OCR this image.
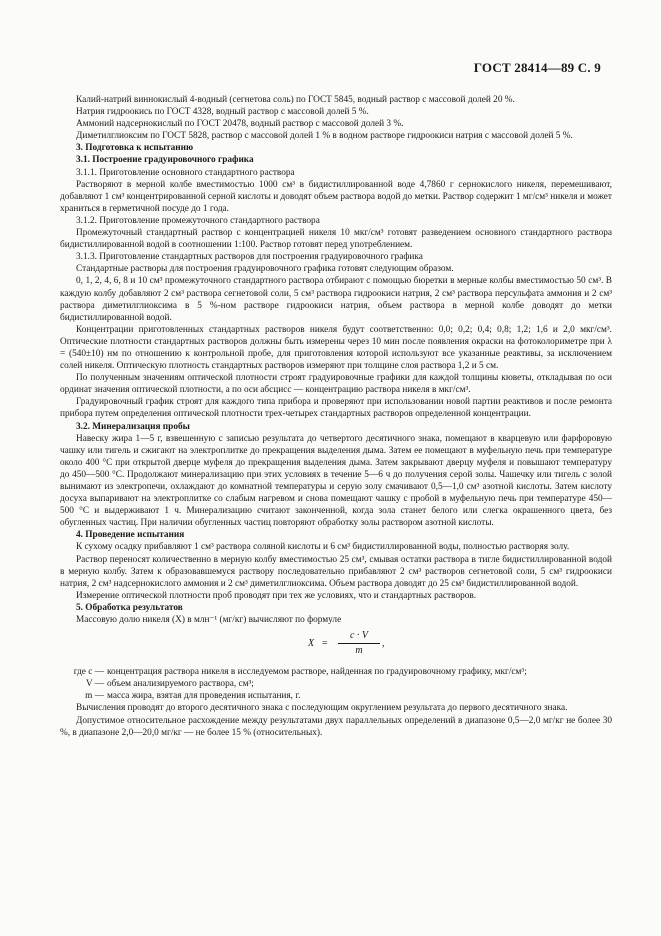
ГОСТ 28414—89 С. 9

Калий-натрий виннокислый 4-водный (сегнетова соль) по ГОСТ 5845, водный раствор с массовой долей 20 %.

Натрия гидроокись по ГОСТ 4328, водный раствор с массовой долей 5 %.

Аммоний надсернокислый по ГОСТ 20478, водный раствор с массовой долей 3 %.

Диметилглиоксим по ГОСТ 5828, раствор с массовой долей 1 % в водном растворе гидроокиси натрия с массовой долей 5 %.

3. Подготовка к испытанию

3.1. Построение градуировочного графика

3.1.1. Приготовление основного стандартного раствора

Растворяют в мерной колбе вместимостью 1000 см³ в бидистиллированной воде 4,7860 г сернокислого никеля, перемешивают, добавляют 1 см³ концентрированной серной кислоты и доводят объем раствора водой до метки. Раствор содержит 1 мг/см³ никеля и может храниться в герметичной посуде до 1 года.

3.1.2. Приготовление промежуточного стандартного раствора

Промежуточный стандартный раствор с концентрацией никеля 10 мкг/см³ готовят разведением основного стандартного раствора бидистиллированной водой в соотношении 1:100. Раствор готовят перед употреблением.

3.1.3. Приготовление стандартных растворов для построения градуировочного графика

Стандартные растворы для построения градуировочного графика готовят следующим образом.

0, 1, 2, 4, 6, 8 и 10 см³ промежуточного стандартного раствора отбирают с помощью бюретки в мерные колбы вместимостью 50 см³. В каждую колбу добавляют 2 см³ раствора сегнетовой соли, 5 см³ раствора гидроокиси натрия, 2 см³ раствора персульфата аммония и 2 см³ раствора диметилглиоксима в 5 %-ном растворе гидроокиси натрия, объем раствора в мерной колбе доводят до метки бидистиллированной водой.

Концентрации приготовленных стандартных растворов никеля будут соответственно: 0,0; 0,2; 0,4; 0,8; 1,2; 1,6 и 2,0 мкг/см³. Оптические плотности стандартных растворов должны быть измерены через 10 мин после появления окраски на фотоколориметре при λ = (540±10) нм по отношению к контрольной пробе, для приготовления которой используют все указанные реактивы, за исключением солей никеля. Оптическую плотность стандартных растворов измеряют при толщине слоя раствора 1,2 и 5 см.

По полученным значениям оптической плотности строят градуировочные графики для каждой толщины кюветы, откладывая по оси ординат значения оптической плотности, а по оси абсцисс — концентрацию раствора никеля в мкг/см³.

Градуировочный график строят для каждого типа прибора и проверяют при использовании новой партии реактивов и после ремонта прибора путем определения оптической плотности трех-четырех стандартных растворов определенной концентрации.

3.2. Минерализация пробы

Навеску жира 1—5 г, взвешенную с записью результата до четвертого десятичного знака, помещают в кварцевую или фарфоровую чашку или тигель и сжигают на электроплитке до прекращения выделения дыма. Затем ее помещают в муфельную печь при температуре около 400 °С при открытой дверце муфеля до прекращения выделения дыма. Затем закрывают дверцу муфеля и повышают температуру до 450—500 °С. Продолжают минерализацию при этих условиях в течение 5—6 ч до получения серой золы. Чашечку или тигель с золой вынимают из электропечи, охлаждают до комнатной температуры и серую золу смачивают 0,5—1,0 см³ азотной кислоты. Затем кислоту досуха выпаривают на электроплитке со слабым нагревом и снова помещают чашку с пробой в муфельную печь при температуре 450—500 °С и выдерживают 1 ч. Минерализацию считают законченной, когда зола станет белого или слегка окрашенного цвета, без обугленных частиц. При наличии обугленных частиц повторяют обработку золы раствором азотной кислоты.

4. Проведение испытания

К сухому осадку прибавляют 1 см³ раствора соляной кислоты и 6 см³ бидистиллированной воды, полностью растворяя золу.

Раствор переносят количественно в мерную колбу вместимостью 25 см³, смывая остатки раствора в тигле бидистиллированной водой в мерную колбу. Затем к образовавшемуся раствору последовательно прибавляют 2 см³ растворов сегнетовой соли, 5 см³ гидроокиси натрия, 2 см³ надсернокислого аммония и 2 см³ диметилглиоксима. Объем раствора доводят до 25 см³ бидистиллированной водой.

Измерение оптической плотности проб проводят при тех же условиях, что и стандартных растворов.

5. Обработка результатов

Массовую долю никеля (X) в млн⁻¹ (мг/кг) вычисляют по формуле

$X = \frac{c \cdot V}{m}$ ,
где c — концентрация раствора никеля в исследуемом растворе, найденная по градуировочному графику, мкг/см³;
V — объем анализируемого раствора, см³;
m — масса жира, взятая для проведения испытания, г.

Вычисления проводят до второго десятичного знака с последующим округлением результата до первого десятичного знака.

Допустимое относительное расхождение между результатами двух параллельных определений в диапазоне 0,5—2,0 мг/кг не более 30 %, в диапазоне 2,0—20,0 мг/кг — не более 15 % (относительных).
